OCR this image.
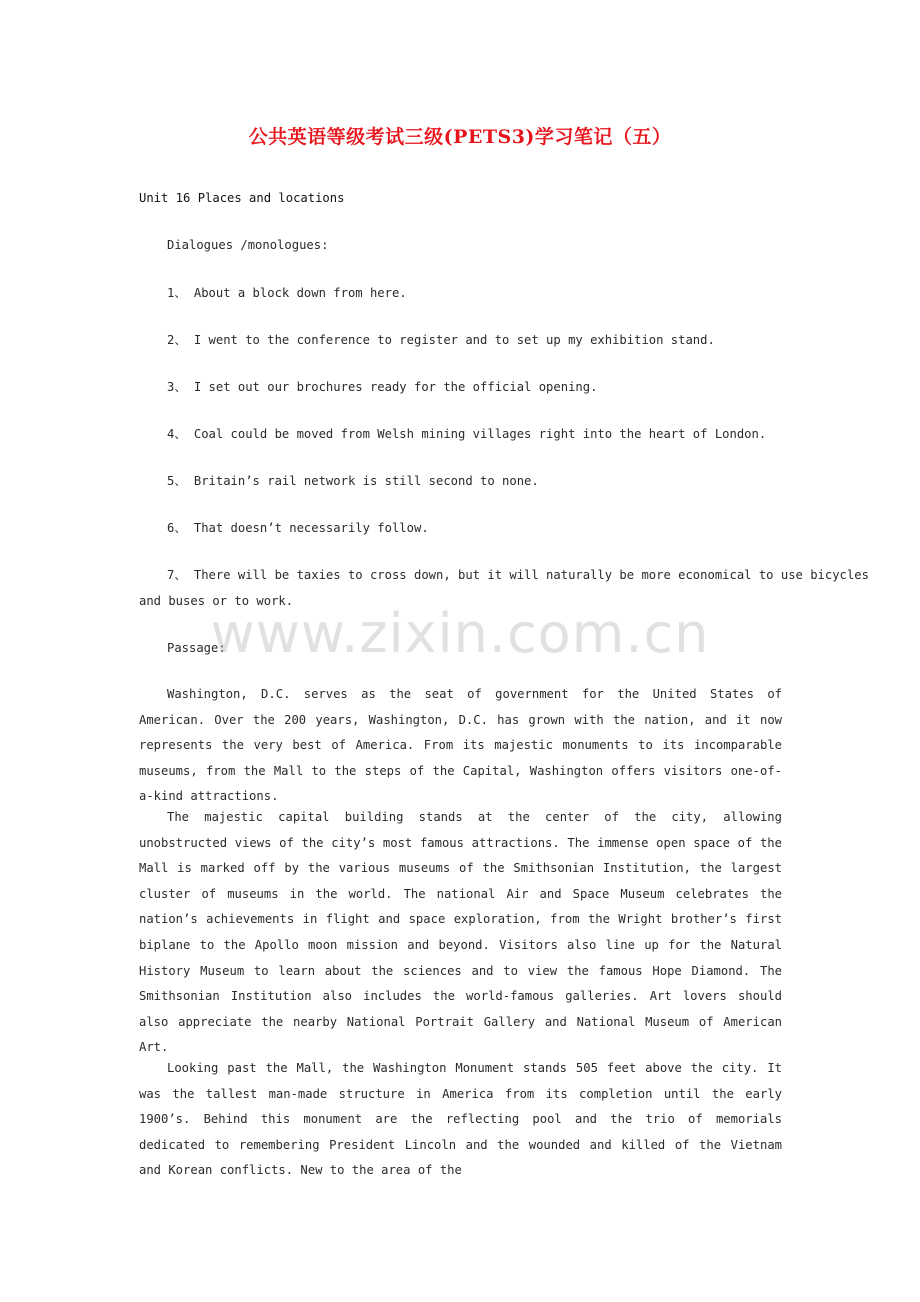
公共英语等级考试三级(PETS3)学习笔记（五）
Unit 16 Places and locations
Dialogues /monologues:
1、 About a block down from here.
2、 I went to the conference to register and to set up my exhibition stand.
3、 I set out our brochures ready for the official opening.
4、 Coal could be moved from Welsh mining villages right into the heart of London.
5、 Britain’s rail network is still second to none.
6、 That doesn’t necessarily follow.
7、 There will be taxies to cross down, but it will naturally be more economical to use bicycles
and buses or to work.
Passage:
Washington, D.C. serves as the seat of government for the United States of American. Over the 200 years, Washington, D.C. has grown with the nation, and it now represents the very best of America. From its majestic monuments to its incomparable museums, from the Mall to the steps of the Capital, Washington offers visitors one-of-a-kind attractions.
The majestic capital building stands at the center of the city, allowing unobstructed views of the city’s most famous attractions. The immense open space of the Mall is marked off by the various museums of the Smithsonian Institution, the largest cluster of museums in the world. The national Air and Space Museum celebrates the nation’s achievements in flight and space exploration, from the Wright brother’s first biplane to the Apollo moon mission and beyond. Visitors also line up for the Natural History Museum to learn about the sciences and to view the famous Hope Diamond. The Smithsonian Institution also includes the world-famous galleries. Art lovers should also appreciate the nearby National Portrait Gallery and National Museum of American Art.
Looking past the Mall, the Washington Monument stands 505 feet above the city. It was the tallest man-made structure in America from its completion until the early 1900’s. Behind this monument are the reflecting pool and the trio of memorials dedicated to remembering President Lincoln and the wounded and killed of the Vietnam and Korean conflicts. New to the area of the
www.zixin.com.cn
